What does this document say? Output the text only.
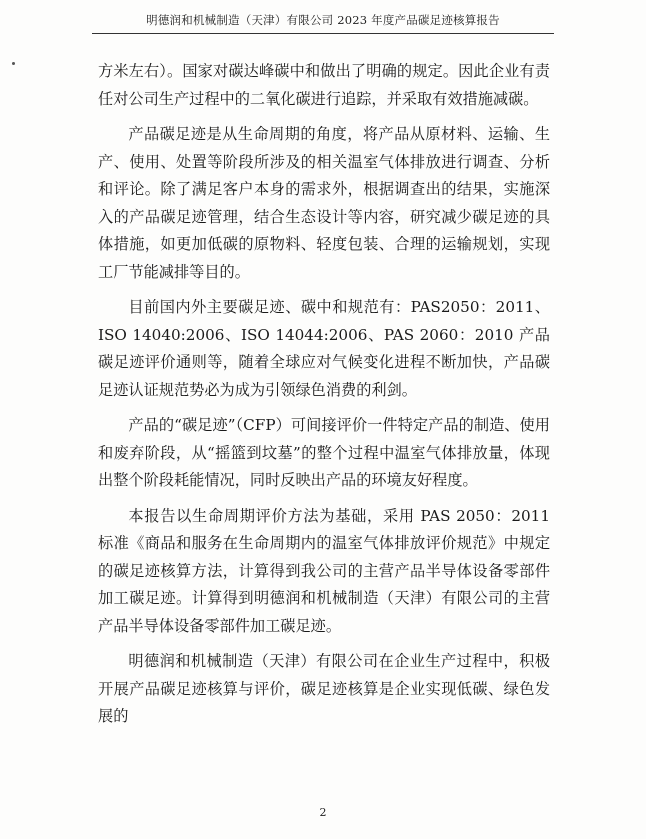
明德润和机械制造（天津）有限公司 2023 年度产品碳足迹核算报告

方米左右）。国家对碳达峰碳中和做出了明确的规定。因此企业有责任对公司生产过程中的二氧化碳进行追踪，并采取有效措施减碳。

产品碳足迹是从生命周期的角度，将产品从原材料、运输、生产、使用、处置等阶段所涉及的相关温室气体排放进行调查、分析和评论。除了满足客户本身的需求外，根据调查出的结果，实施深入的产品碳足迹管理，结合生态设计等内容，研究减少碳足迹的具体措施，如更加低碳的原物料、轻度包装、合理的运输规划，实现工厂节能减排等目的。

目前国内外主要碳足迹、碳中和规范有：PAS2050：2011、ISO 14040:2006、ISO 14044:2006、PAS 2060：2010 产品碳足迹评价通则等，随着全球应对气候变化进程不断加快，产品碳足迹认证规范势必为成为引领绿色消费的利剑。

产品的“碳足迹”（CFP）可间接评价一件特定产品的制造、使用和废弃阶段，从“摇篮到坟墓”的整个过程中温室气体排放量，体现出整个阶段耗能情况，同时反映出产品的环境友好程度。

本报告以生命周期评价方法为基础，采用 PAS 2050：2011 标准《商品和服务在生命周期内的温室气体排放评价规范》中规定的碳足迹核算方法，计算得到我公司的主营产品半导体设备零部件加工碳足迹。计算得到明德润和机械制造（天津）有限公司的主营产品半导体设备零部件加工碳足迹。

明德润和机械制造（天津）有限公司在企业生产过程中，积极开展产品碳足迹核算与评价，碳足迹核算是企业实现低碳、绿色发展的

2
